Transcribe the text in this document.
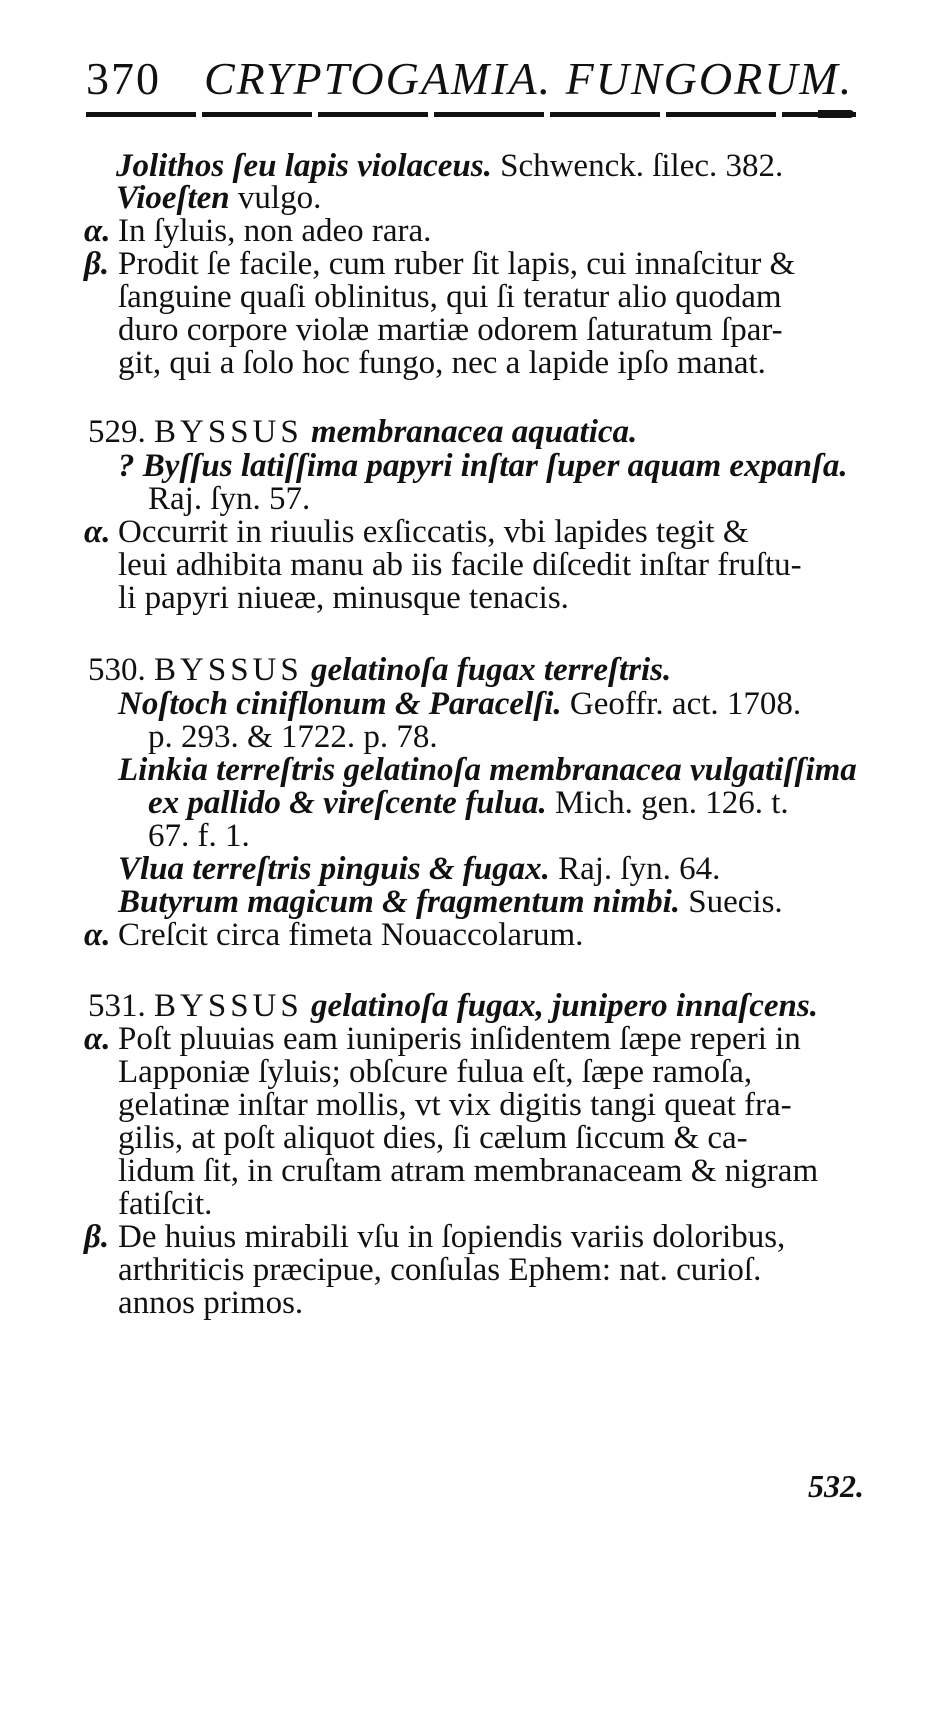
370 CRYPTOGAMIA. FUNGORUM.
Jolithos ſeu lapis violaceus. Schwenck. ſilec. 382.
Vioeſten vulgo.
α. In ſyluis, non adeo rara.
β. Prodit ſe facile, cum ruber ſit lapis, cui innaſcitur &
ſanguine quaſi oblinitus, qui ſi teratur alio quodam
duro corpore violæ martiæ odorem ſaturatum ſpar-
git, qui a ſolo hoc fungo, nec a lapide ipſo manat.
529. BYSSUS membranacea aquatica.
? Byſſus latiſſima papyri inſtar ſuper aquam expanſa.
Raj. ſyn. 57.
α. Occurrit in riuulis exſiccatis, vbi lapides tegit &
leui adhibita manu ab iis facile diſcedit inſtar fruſtu-
li papyri niueæ, minusque tenacis.
530. BYSSUS gelatinoſa fugax terreſtris.
Noſtoch ciniflonum & Paracelſi. Geoffr. act. 1708.
p. 293. & 1722. p. 78.
Linkia terreſtris gelatinoſa membranacea vulgatiſſima
ex pallido & vireſcente fulua. Mich. gen. 126. t.
67. f. 1.
Vlua terreſtris pinguis & fugax. Raj. ſyn. 64.
Butyrum magicum & fragmentum nimbi. Suecis.
α. Creſcit circa fimeta Nouaccolarum.
531. BYSSUS gelatinoſa fugax, junipero innaſcens.
α. Poſt pluuias eam iuniperis inſidentem ſæpe reperi in
Lapponiæ ſyluis; obſcure fulua eſt, ſæpe ramoſa,
gelatinæ inſtar mollis, vt vix digitis tangi queat fra-
gilis, at poſt aliquot dies, ſi cælum ſiccum & ca-
lidum ſit, in cruſtam atram membranaceam & nigram
fatiſcit.
β. De huius mirabili vſu in ſopiendis variis doloribus,
arthriticis præcipue, conſulas Ephem: nat. curioſ.
annos primos.
532.
